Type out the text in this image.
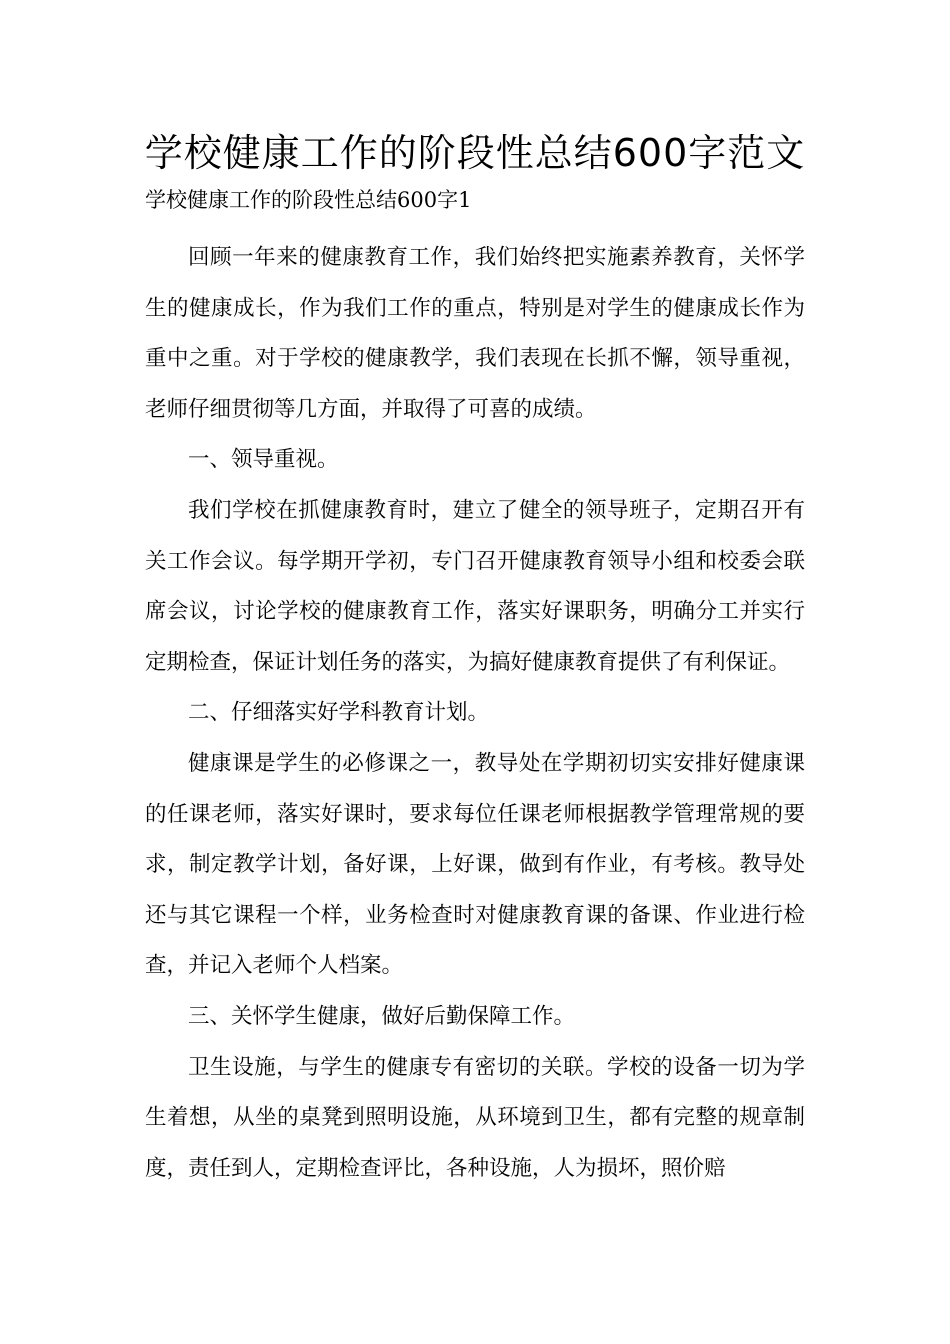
学校健康工作的阶段性总结600字范文

学校健康工作的阶段性总结600字1

回顾一年来的健康教育工作，我们始终把实施素养教育，关怀学生的健康成长，作为我们工作的重点，特别是对学生的健康成长作为重中之重。对于学校的健康教学，我们表现在长抓不懈，领导重视，老师仔细贯彻等几方面，并取得了可喜的成绩。

一、领导重视。

我们学校在抓健康教育时，建立了健全的领导班子，定期召开有关工作会议。每学期开学初，专门召开健康教育领导小组和校委会联席会议，讨论学校的健康教育工作，落实好课职务，明确分工并实行定期检查，保证计划任务的落实，为搞好健康教育提供了有利保证。

二、仔细落实好学科教育计划。

健康课是学生的必修课之一，教导处在学期初切实安排好健康课的任课老师，落实好课时，要求每位任课老师根据教学管理常规的要求，制定教学计划，备好课，上好课，做到有作业，有考核。教导处还与其它课程一个样，业务检查时对健康教育课的备课、作业进行检查，并记入老师个人档案。

三、关怀学生健康，做好后勤保障工作。

卫生设施，与学生的健康专有密切的关联。学校的设备一切为学生着想，从坐的桌凳到照明设施，从环境到卫生，都有完整的规章制度，责任到人，定期检查评比，各种设施，人为损坏，照价赔
